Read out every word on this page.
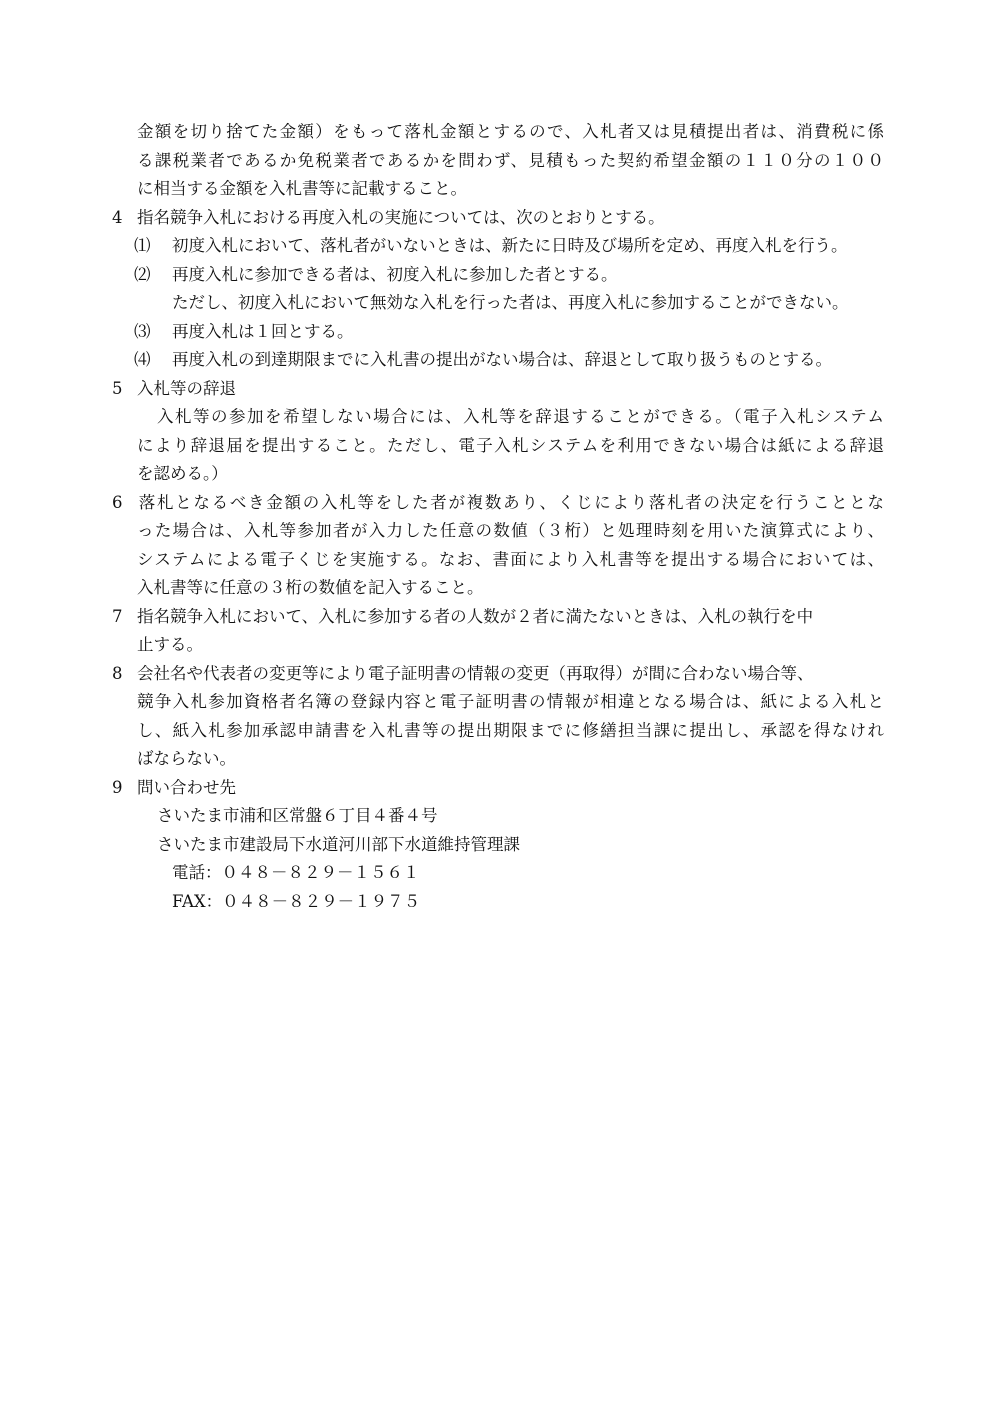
金額を切り捨てた金額）をもって落札金額とするので、入札者又は見積提出者は、消費税に係
る課税業者であるか免税業者であるかを問わず、見積もった契約希望金額の１１０分の１００
に相当する金額を入札書等に記載すること。
4 指名競争入札における再度入札の実施については、次のとおりとする。
⑴ 初度入札において、落札者がいないときは、新たに日時及び場所を定め、再度入札を行う。
⑵ 再度入札に参加できる者は、初度入札に参加した者とする。
ただし、初度入札において無効な入札を行った者は、再度入札に参加することができない。
⑶ 再度入札は１回とする。
⑷ 再度入札の到達期限までに入札書の提出がない場合は、辞退として取り扱うものとする。
5 入札等の辞退
入札等の参加を希望しない場合には、入札等を辞退することができる。（電子入札システム
により辞退届を提出すること。ただし、電子入札システムを利用できない場合は紙による辞退
を認める。）
6 落札となるべき金額の入札等をした者が複数あり、くじにより落札者の決定を行うこととな
った場合は、入札等参加者が入力した任意の数値（３桁）と処理時刻を用いた演算式により、
システムによる電子くじを実施する。なお、書面により入札書等を提出する場合においては、
入札書等に任意の３桁の数値を記入すること。
7 指名競争入札において、入札に参加する者の人数が２者に満たないときは、入札の執行を中
止する。
8 会社名や代表者の変更等により電子証明書の情報の変更（再取得）が間に合わない場合等、
競争入札参加資格者名簿の登録内容と電子証明書の情報が相違となる場合は、紙による入札と
し、紙入札参加承認申請書を入札書等の提出期限までに修繕担当課に提出し、承認を得なけれ
ばならない。
9 問い合わせ先
さいたま市浦和区常盤６丁目４番４号
さいたま市建設局下水道河川部下水道維持管理課
電話：０４８－８２９－１５６１
FAX：０４８－８２９－１９７５
